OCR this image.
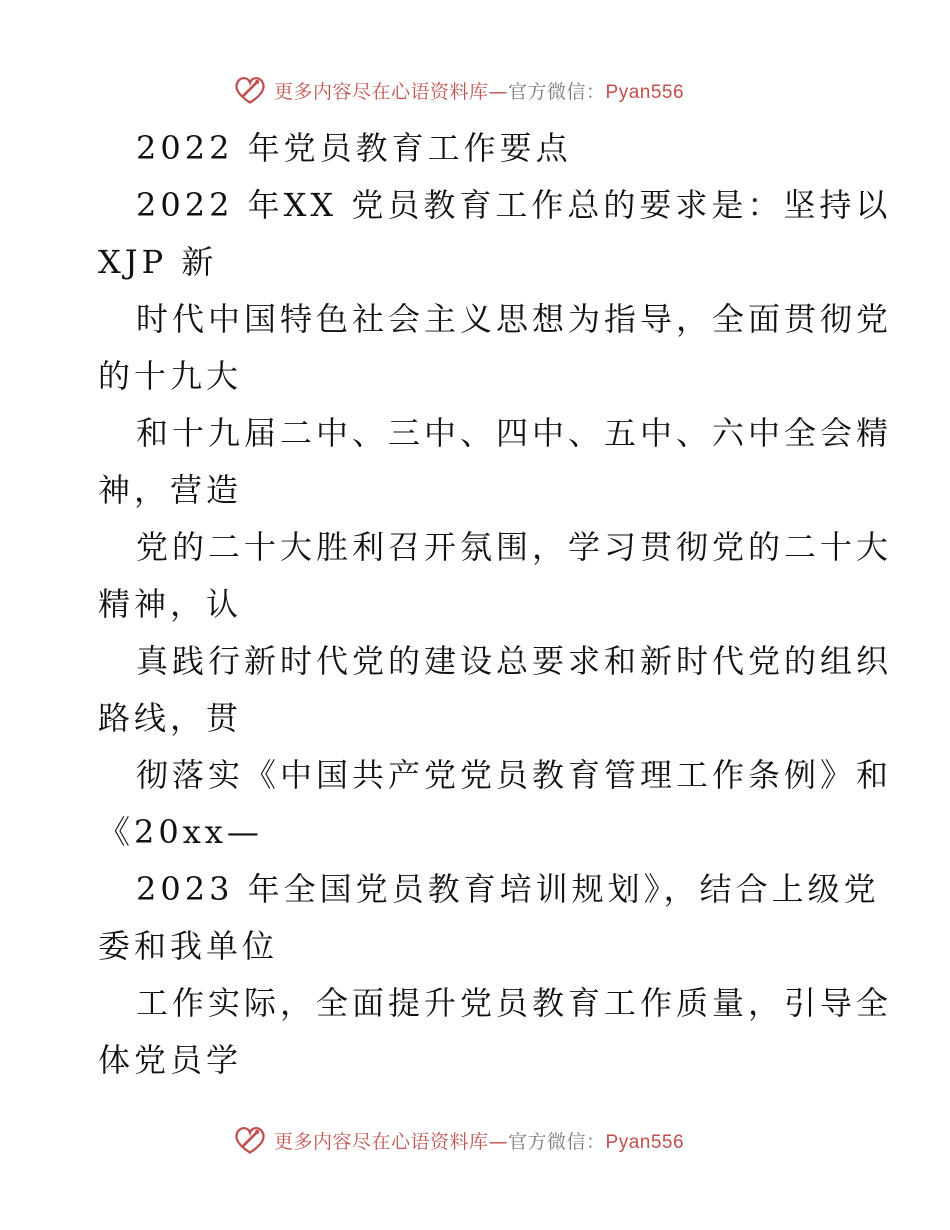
更多内容尽在心语资料库—官方微信：Pyan556
2022 年党员教育工作要点
2022 年XX 党员教育工作总的要求是：坚持以
XJP 新
时代中国特色社会主义思想为指导，全面贯彻党
的十九大
和十九届二中、三中、四中、五中、六中全会精
神，营造
党的二十大胜利召开氛围，学习贯彻党的二十大
精神，认
真践行新时代党的建设总要求和新时代党的组织
路线，贯
彻落实《中国共产党党员教育管理工作条例》和
《20xx—
2023 年全国党员教育培训规划》，结合上级党
委和我单位
工作实际，全面提升党员教育工作质量，引导全
体党员学
更多内容尽在心语资料库—官方微信：Pyan556
